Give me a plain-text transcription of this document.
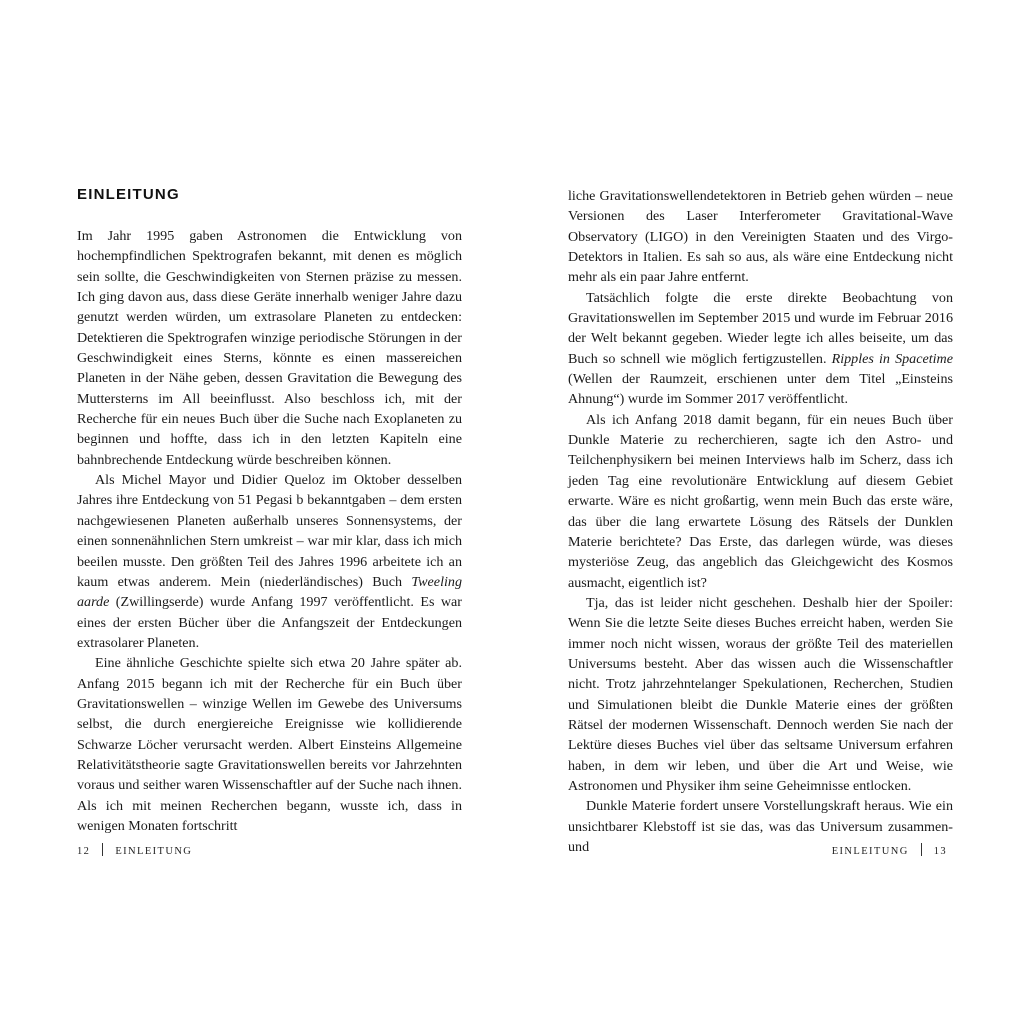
EINLEITUNG

Im Jahr 1995 gaben Astronomen die Entwicklung von hochempfindlichen Spektrografen bekannt, mit denen es möglich sein sollte, die Geschwindigkeiten von Sternen präzise zu messen. Ich ging davon aus, dass diese Geräte innerhalb weniger Jahre dazu genutzt werden würden, um extrasolare Planeten zu entdecken: Detektieren die Spektrografen winzige periodische Störungen in der Geschwindigkeit eines Sterns, könnte es einen massereichen Planeten in der Nähe geben, dessen Gravitation die Bewegung des Muttersterns im All beeinflusst. Also beschloss ich, mit der Recherche für ein neues Buch über die Suche nach Exoplaneten zu beginnen und hoffte, dass ich in den letzten Kapiteln eine bahnbrechende Entdeckung würde beschreiben können.

Als Michel Mayor und Didier Queloz im Oktober desselben Jahres ihre Entdeckung von 51 Pegasi b bekanntgaben – dem ersten nachgewiesenen Planeten außerhalb unseres Sonnensystems, der einen sonnenähnlichen Stern umkreist – war mir klar, dass ich mich beeilen musste. Den größten Teil des Jahres 1996 arbeitete ich an kaum etwas anderem. Mein (niederländisches) Buch Tweeling aarde (Zwillingserde) wurde Anfang 1997 veröffentlicht. Es war eines der ersten Bücher über die Anfangszeit der Entdeckungen extrasolarer Planeten.

Eine ähnliche Geschichte spielte sich etwa 20 Jahre später ab. Anfang 2015 begann ich mit der Recherche für ein Buch über Gravitationswellen – winzige Wellen im Gewebe des Universums selbst, die durch energiereiche Ereignisse wie kollidierende Schwarze Löcher verursacht werden. Albert Einsteins Allgemeine Relativitätstheorie sagte Gravitationswellen bereits vor Jahrzehnten voraus und seither waren Wissenschaftler auf der Suche nach ihnen. Als ich mit meinen Recherchen begann, wusste ich, dass in wenigen Monaten fortschritt

12 EINLEITUNG

liche Gravitationswellendetektoren in Betrieb gehen würden – neue Versionen des Laser Interferometer Gravitational-Wave Observatory (LIGO) in den Vereinigten Staaten und des Virgo-Detektors in Italien. Es sah so aus, als wäre eine Entdeckung nicht mehr als ein paar Jahre entfernt.

Tatsächlich folgte die erste direkte Beobachtung von Gravitationswellen im September 2015 und wurde im Februar 2016 der Welt bekannt gegeben. Wieder legte ich alles beiseite, um das Buch so schnell wie möglich fertigzustellen. Ripples in Spacetime (Wellen der Raumzeit, erschienen unter dem Titel „Einsteins Ahnung“) wurde im Sommer 2017 veröffentlicht.

Als ich Anfang 2018 damit begann, für ein neues Buch über Dunkle Materie zu recherchieren, sagte ich den Astro- und Teilchenphysikern bei meinen Interviews halb im Scherz, dass ich jeden Tag eine revolutionäre Entwicklung auf diesem Gebiet erwarte. Wäre es nicht großartig, wenn mein Buch das erste wäre, das über die lang erwartete Lösung des Rätsels der Dunklen Materie berichtete? Das Erste, das darlegen würde, was dieses mysteriöse Zeug, das angeblich das Gleichgewicht des Kosmos ausmacht, eigentlich ist?

Tja, das ist leider nicht geschehen. Deshalb hier der Spoiler: Wenn Sie die letzte Seite dieses Buches erreicht haben, werden Sie immer noch nicht wissen, woraus der größte Teil des materiellen Universums besteht. Aber das wissen auch die Wissenschaftler nicht. Trotz jahrzehntelanger Spekulationen, Recherchen, Studien und Simulationen bleibt die Dunkle Materie eines der größten Rätsel der modernen Wissenschaft. Dennoch werden Sie nach der Lektüre dieses Buches viel über das seltsame Universum erfahren haben, in dem wir leben, und über die Art und Weise, wie Astronomen und Physiker ihm seine Geheimnisse entlocken.

Dunkle Materie fordert unsere Vorstellungskraft heraus. Wie ein unsichtbarer Klebstoff ist sie das, was das Universum zusammen- und	EINLEITUNG 13
